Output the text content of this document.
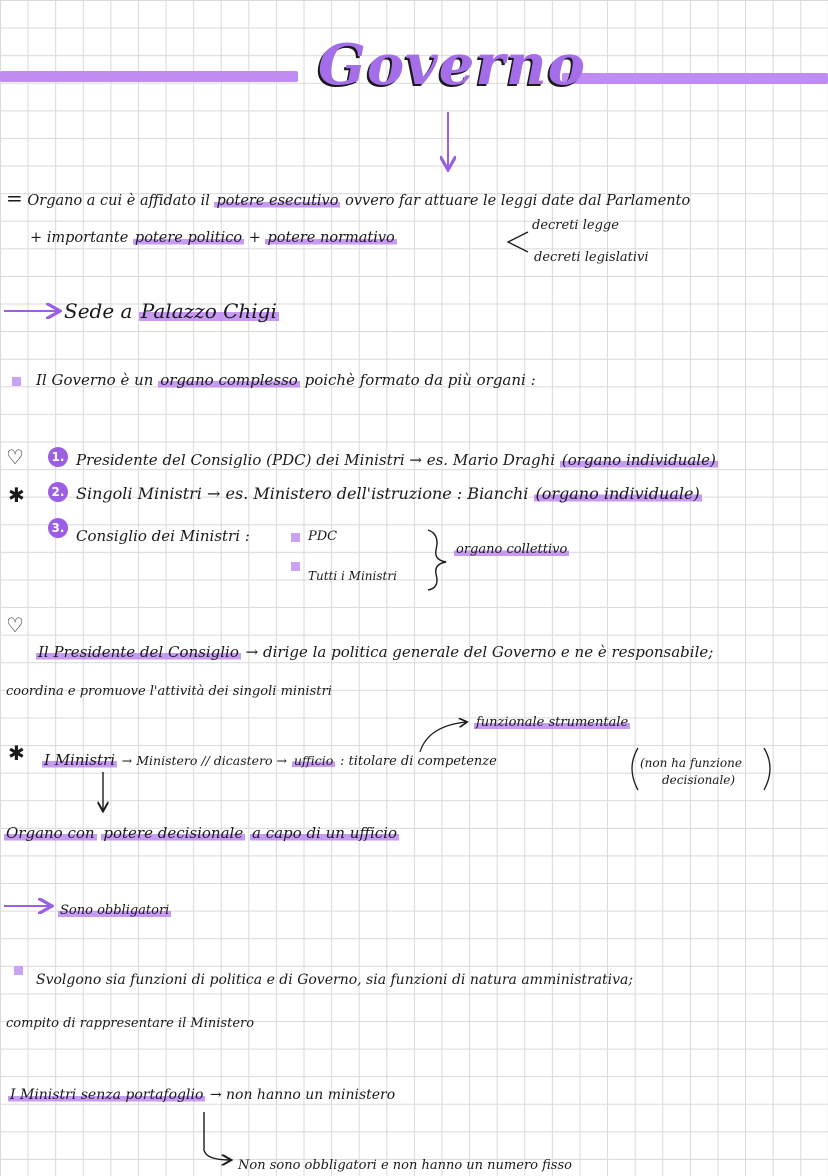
Governo
= Organo a cui è affidato il potere esecutivo ovvero far attuare le leggi date dal Parlamento
+ importante potere politico + potere normativo
decreti legge
decreti legislativi
Sede a Palazzo Chigi
Il Governo è un organo complesso poichè formato da più organi :
♡
✱
1. Presidente del Consiglio (PDC) dei Ministri → es. Mario Draghi (organo individuale)
2. Singoli Ministri → es. Ministero dell'istruzione : Bianchi (organo individuale)
3. Consiglio dei Ministri :	PDC
Tutti i Ministri
organo collettivo
♡
Il Presidente del Consiglio → dirige la politica generale del Governo e ne è responsabile;
coordina e promuove l'attività dei singoli ministri
funzionale strumentale
✱ I Ministri → Ministero // dicastero → ufficio : titolare di competenze	(non ha funzione
decisionale)
Organo con potere decisionale a capo di un ufficio
Sono obbligatori
Svolgono sia funzioni di politica e di Governo, sia funzioni di natura amministrativa;
compito di rappresentare il Ministero
I Ministri senza portafoglio → non hanno un ministero
Non sono obbligatori e non hanno un numero fisso
